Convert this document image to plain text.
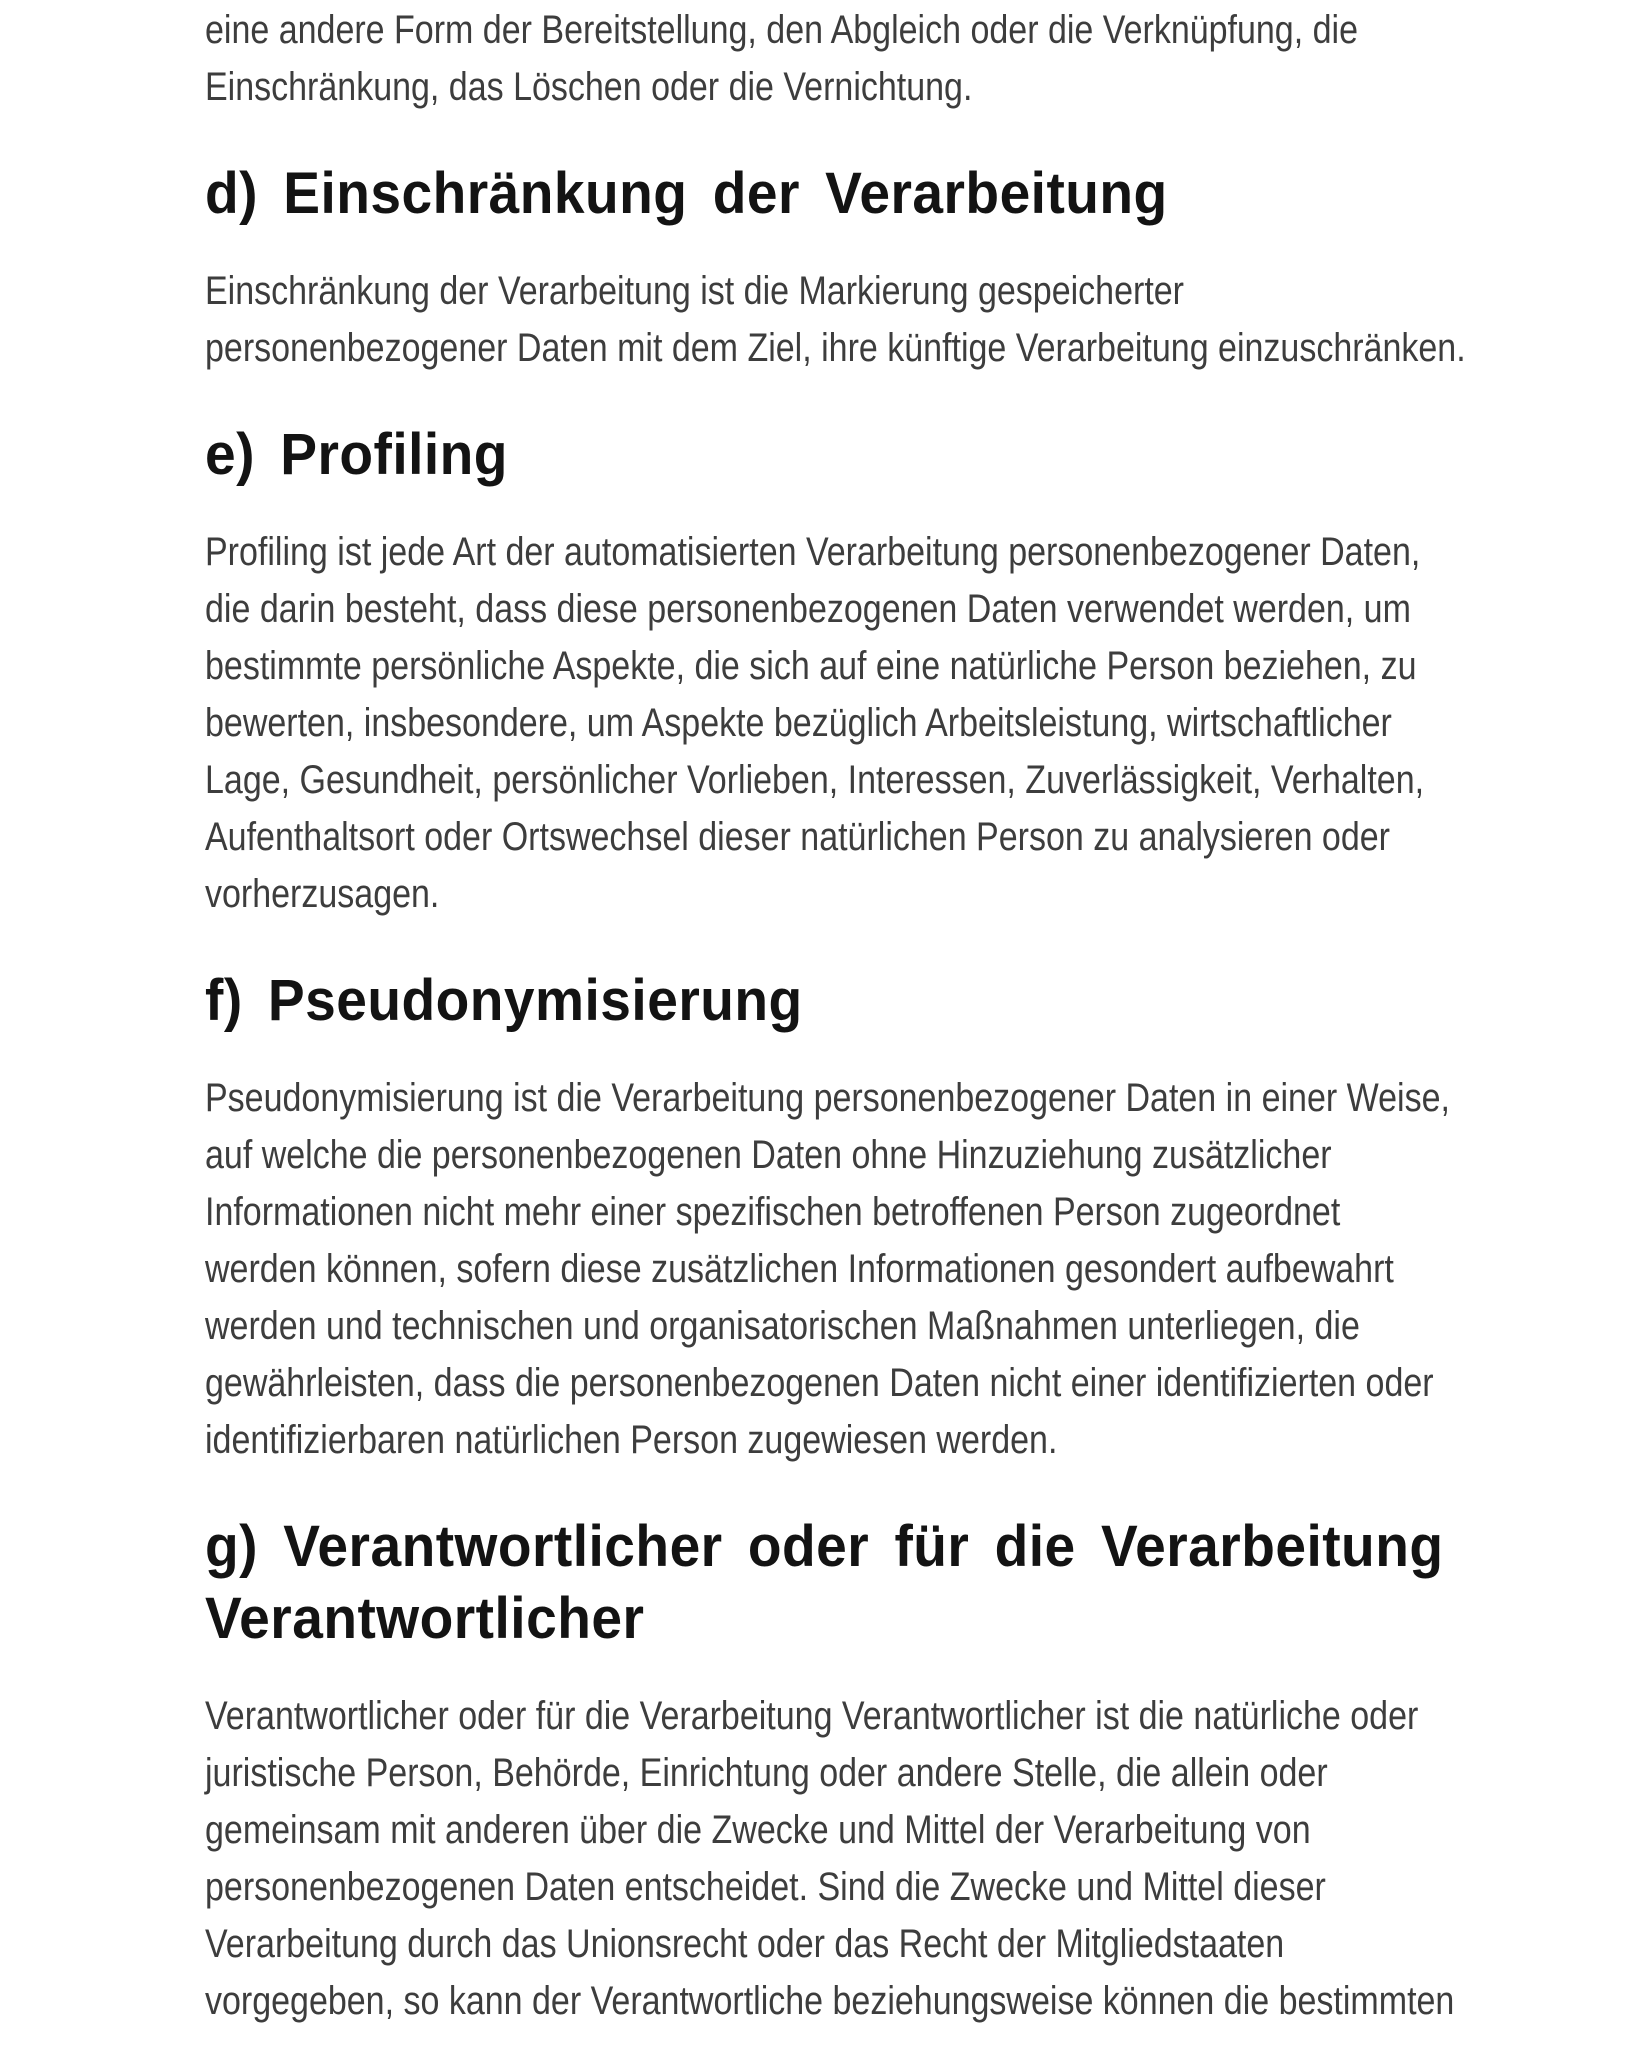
eine andere Form der Bereitstellung, den Abgleich oder die Verknüpfung, die
Einschränkung, das Löschen oder die Vernichtung.
d) Einschränkung der Verarbeitung
Einschränkung der Verarbeitung ist die Markierung gespeicherter
personenbezogener Daten mit dem Ziel, ihre künftige Verarbeitung einzuschränken.
e) Profiling
Profiling ist jede Art der automatisierten Verarbeitung personenbezogener Daten,
die darin besteht, dass diese personenbezogenen Daten verwendet werden, um
bestimmte persönliche Aspekte, die sich auf eine natürliche Person beziehen, zu
bewerten, insbesondere, um Aspekte bezüglich Arbeitsleistung, wirtschaftlicher
Lage, Gesundheit, persönlicher Vorlieben, Interessen, Zuverlässigkeit, Verhalten,
Aufenthaltsort oder Ortswechsel dieser natürlichen Person zu analysieren oder
vorherzusagen.
f) Pseudonymisierung
Pseudonymisierung ist die Verarbeitung personenbezogener Daten in einer Weise,
auf welche die personenbezogenen Daten ohne Hinzuziehung zusätzlicher
Informationen nicht mehr einer spezifischen betroffenen Person zugeordnet
werden können, sofern diese zusätzlichen Informationen gesondert aufbewahrt
werden und technischen und organisatorischen Maßnahmen unterliegen, die
gewährleisten, dass die personenbezogenen Daten nicht einer identifizierten oder
identifizierbaren natürlichen Person zugewiesen werden.
g) Verantwortlicher oder für die Verarbeitung
Verantwortlicher
Verantwortlicher oder für die Verarbeitung Verantwortlicher ist die natürliche oder
juristische Person, Behörde, Einrichtung oder andere Stelle, die allein oder
gemeinsam mit anderen über die Zwecke und Mittel der Verarbeitung von
personenbezogenen Daten entscheidet. Sind die Zwecke und Mittel dieser
Verarbeitung durch das Unionsrecht oder das Recht der Mitgliedstaaten
vorgegeben, so kann der Verantwortliche beziehungsweise können die bestimmten
